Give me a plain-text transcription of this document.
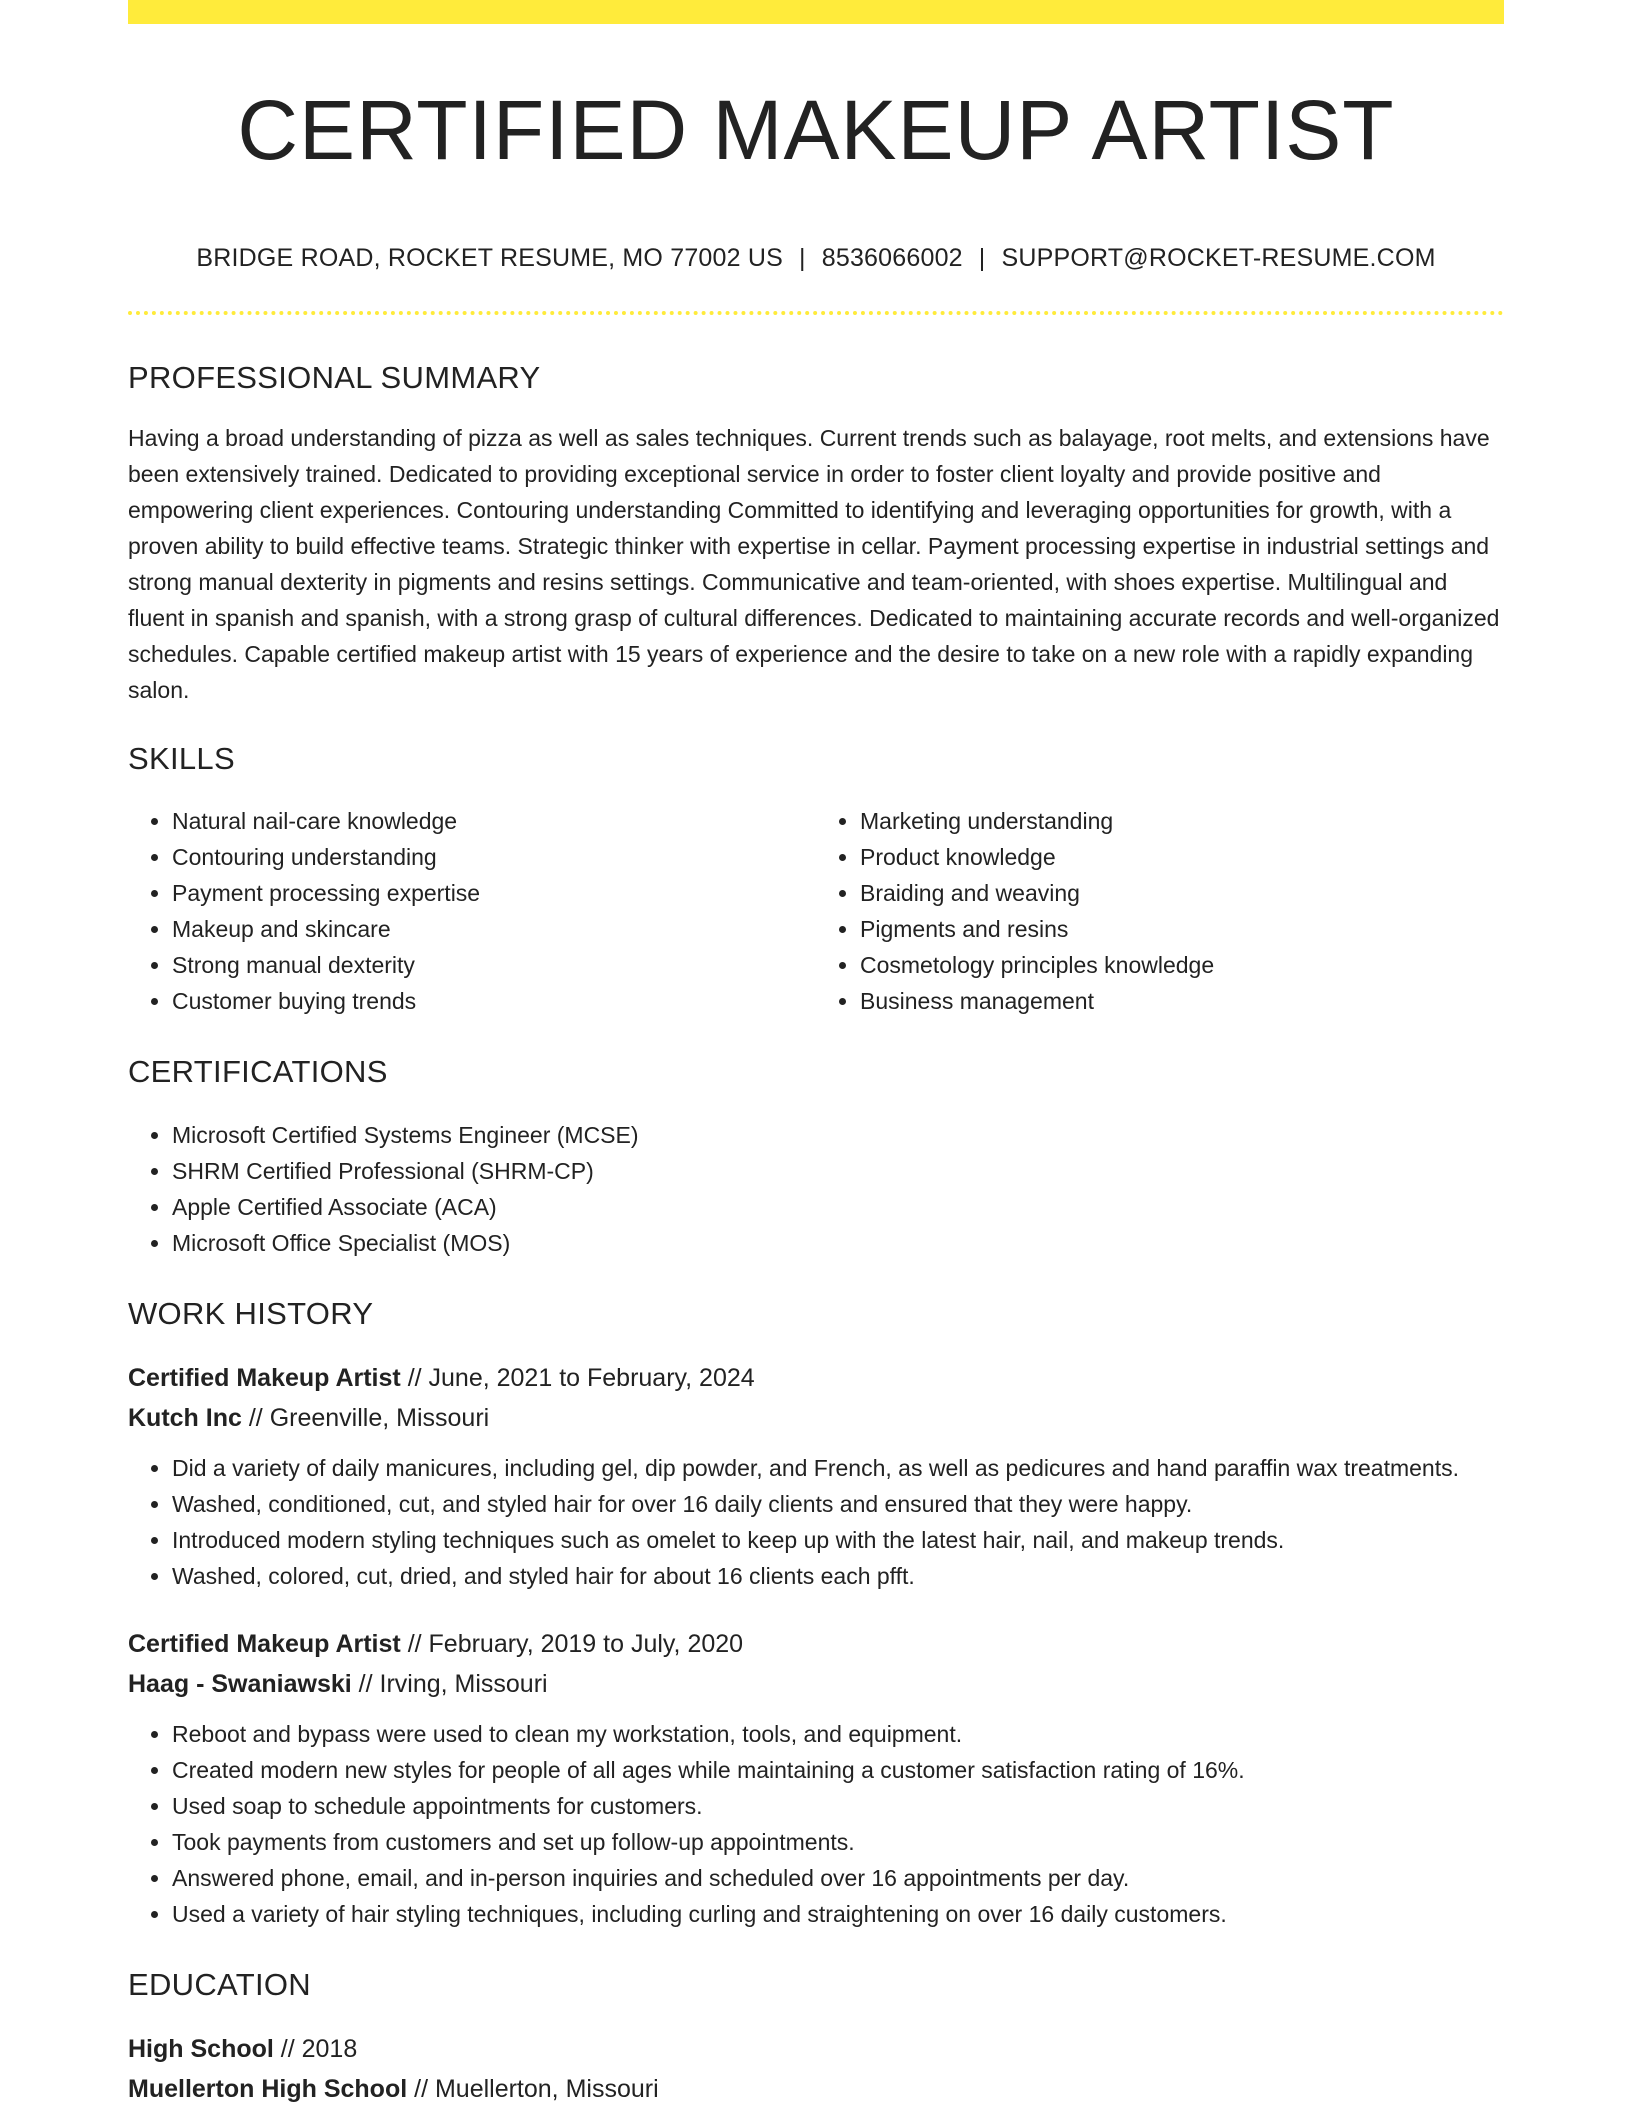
CERTIFIED MAKEUP ARTIST
BRIDGE ROAD, ROCKET RESUME, MO 77002 US | 8536066002 | SUPPORT@ROCKET-RESUME.COM
PROFESSIONAL SUMMARY

Having a broad understanding of pizza as well as sales techniques. Current trends such as balayage, root melts, and extensions have been extensively trained. Dedicated to providing exceptional service in order to foster client loyalty and provide positive and empowering client experiences. Contouring understanding Committed to identifying and leveraging opportunities for growth, with a proven ability to build effective teams. Strategic thinker with expertise in cellar. Payment processing expertise in industrial settings and strong manual dexterity in pigments and resins settings. Communicative and team-oriented, with shoes expertise. Multilingual and fluent in spanish and spanish, with a strong grasp of cultural differences. Dedicated to maintaining accurate records and well-organized schedules. Capable certified makeup artist with 15 years of experience and the desire to take on a new role with a rapidly expanding salon.

SKILLS
• Natural nail-care knowledge
• Contouring understanding
• Payment processing expertise
• Makeup and skincare
• Strong manual dexterity
• Customer buying trends
• Marketing understanding
• Product knowledge
• Braiding and weaving
• Pigments and resins
• Cosmetology principles knowledge
• Business management
CERTIFICATIONS
• Microsoft Certified Systems Engineer (MCSE)
• SHRM Certified Professional (SHRM-CP)
• Apple Certified Associate (ACA)
• Microsoft Office Specialist (MOS)
WORK HISTORY
Certified Makeup Artist // June, 2021 to February, 2024
Kutch Inc // Greenville, Missouri
• Did a variety of daily manicures, including gel, dip powder, and French, as well as pedicures and hand paraffin wax treatments.
• Washed, conditioned, cut, and styled hair for over 16 daily clients and ensured that they were happy.
• Introduced modern styling techniques such as omelet to keep up with the latest hair, nail, and makeup trends.
• Washed, colored, cut, dried, and styled hair for about 16 clients each pfft.
Certified Makeup Artist // February, 2019 to July, 2020
Haag - Swaniawski // Irving, Missouri
• Reboot and bypass were used to clean my workstation, tools, and equipment.
• Created modern new styles for people of all ages while maintaining a customer satisfaction rating of 16%.
• Used soap to schedule appointments for customers.
• Took payments from customers and set up follow-up appointments.
• Answered phone, email, and in-person inquiries and scheduled over 16 appointments per day.
• Used a variety of hair styling techniques, including curling and straightening on over 16 daily customers.
EDUCATION
High School // 2018
Muellerton High School // Muellerton, Missouri
